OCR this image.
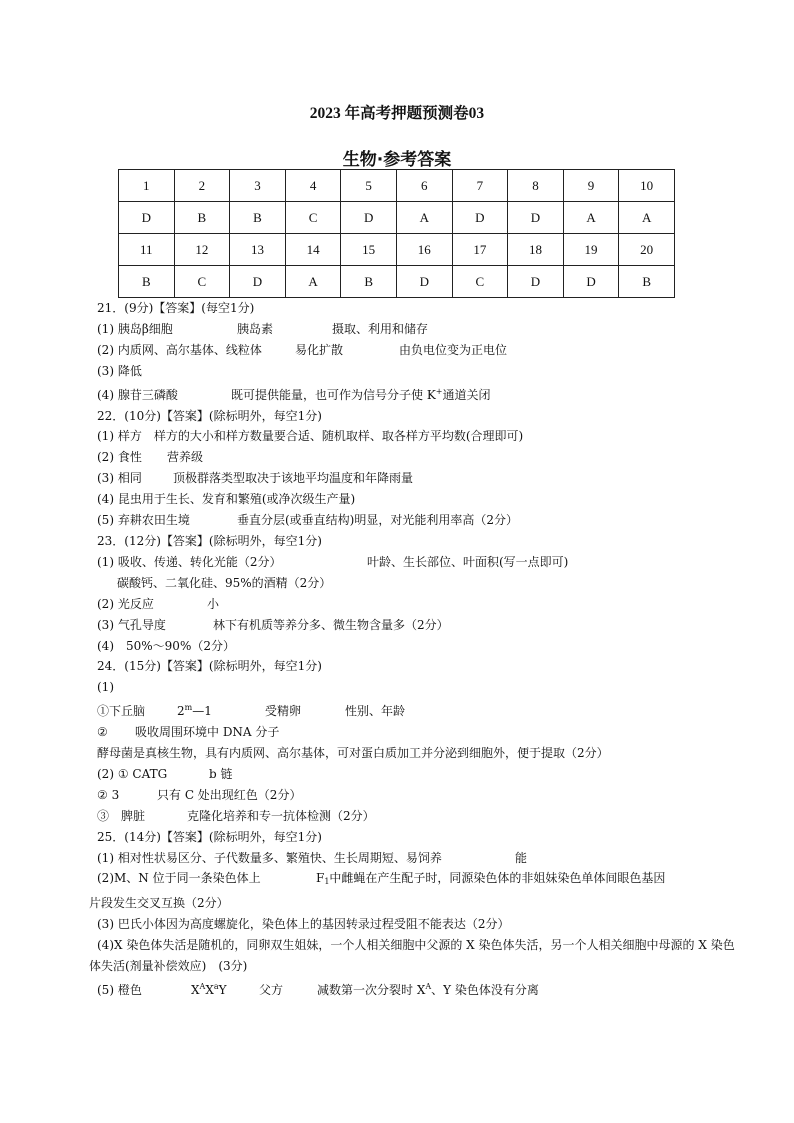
2023 年高考押题预测卷03
生物·参考答案
1	2	3	4	5	6	7	8	9	10
D	B	B	C	D	A	D	D	A	A
11	12	13	14	15	16	17	18	19	20
B	C	D	A	B	D	C	D	D	B
21．(9分)【答案】(每空1分)
(1) 胰岛β细胞	胰岛素	摄取、利用和储存
(2) 内质网、高尔基体、线粒体	易化扩散	由负电位变为正电位
(3) 降低
(4) 腺苷三磷酸	既可提供能量，也可作为信号分子使 K+通道关闭
22．(10分)【答案】(除标明外，每空1分)
(1) 样方　样方的大小和样方数量要合适、随机取样、取各样方平均数(合理即可)
(2) 食性 营养级
(3) 相同	顶极群落类型取决于该地平均温度和年降雨量
(4) 昆虫用于生长、发育和繁殖(或净次级生产量)
(5) 弃耕农田生境	垂直分层(或垂直结构)明显，对光能利用率高（2分）
23．(12分)【答案】(除标明外，每空1分)
(1) 吸收、传递、转化光能（2分）	叶龄、生长部位、叶面积(写一点即可)
碳酸钙、二氧化硅、95%的酒精（2分）
(2) 光反应	小
(3) 气孔导度	林下有机质等养分多、微生物含量多（2分）
(4)　50%～90%（2分）
24．(15分)【答案】(除标明外，每空1分)
(1)
①下丘脑	2$^m$—1	受精卵	性别、年龄
② 吸收周围环境中 DNA 分子
酵母菌是真核生物，具有内质网、高尔基体，可对蛋白质加工并分泌到细胞外，便于提取（2分）
(2) ① CATG	b 链
② 3	只有 C 处出现红色（2分）
③　脾脏	克隆化培养和专一抗体检测（2分）
25．(14分)【答案】(除标明外，每空1分)
(1) 相对性状易区分、子代数量多、繁殖快、生长周期短、易饲养	能
(2)M、N 位于同一条染色体上	$F_1$中雌蝇在产生配子时，同源染色体的非姐妹染色单体间眼色基因
片段发生交叉互换（2分）
(3) 巴氏小体因为高度螺旋化，染色体上的基因转录过程受阻不能表达（2分）
(4)X 染色体失活是随机的，同卵双生姐妹，一个人相关细胞中父源的 X 染色体失活，另一个人相关细胞中母源的 X 染色体失活(剂量补偿效应)　(3分)
(5) 橙色	$X^AX^aY$	父方	减数第一次分裂时 $X^A$、Y 染色体没有分离
